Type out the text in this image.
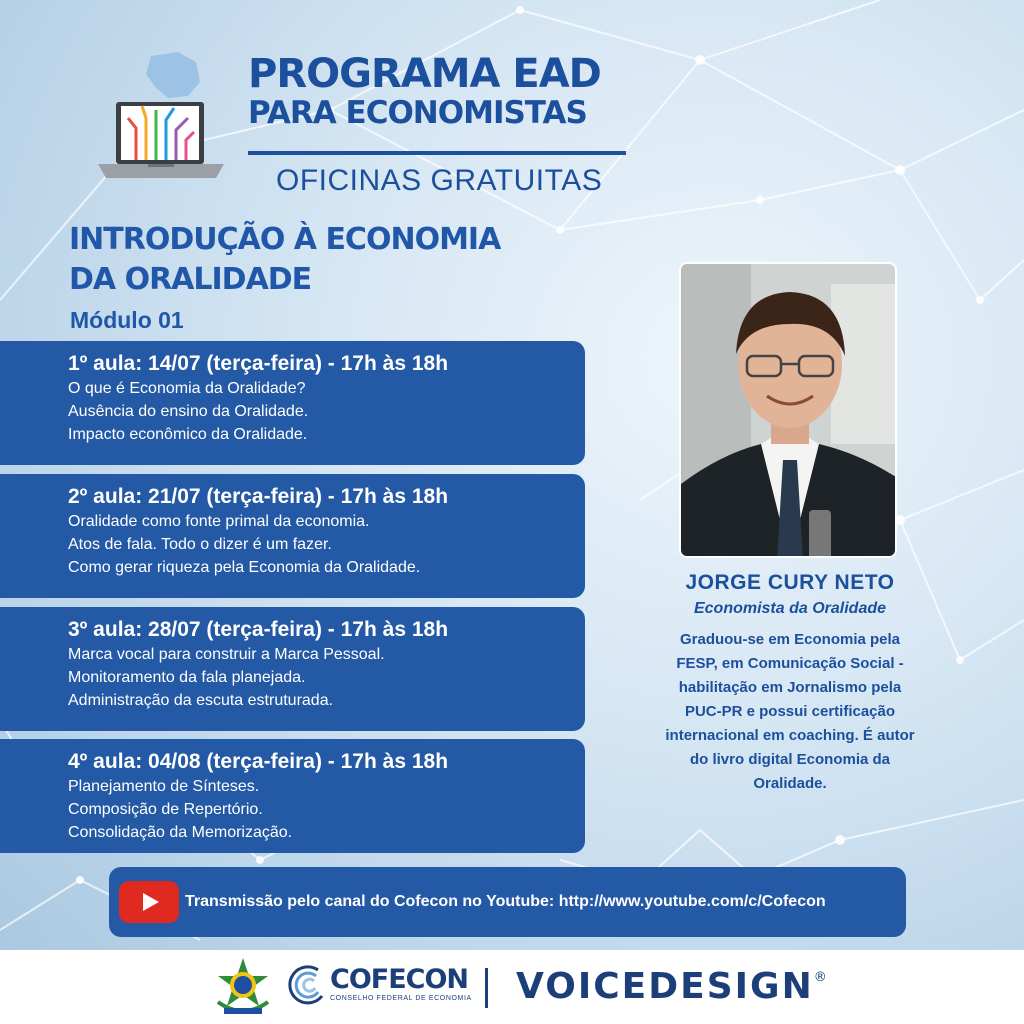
PROGRAMA EAD
PARA ECONOMISTAS
OFICINAS GRATUITAS
INTRODUÇÃO À ECONOMIA
DA ORALIDADE
Módulo 01
1º aula: 14/07 (terça-feira) - 17h às 18h
O que é Economia da Oralidade?
Ausência do ensino da Oralidade.
Impacto econômico da Oralidade.
2º aula: 21/07 (terça-feira) - 17h às 18h
Oralidade como fonte primal da economia.
Atos de fala. Todo o dizer é um fazer.
Como gerar riqueza pela Economia da Oralidade.
3º aula: 28/07 (terça-feira) - 17h às 18h
Marca vocal para construir a Marca Pessoal.
Monitoramento da fala planejada.
Administração da escuta estruturada.
4º aula: 04/08 (terça-feira) - 17h às 18h
Planejamento de Sínteses.
Composição de Repertório.
Consolidação da Memorização.
JORGE CURY NETO
Economista da Oralidade
Graduou-se em Economia pela
FESP, em Comunicação Social -
habilitação em Jornalismo pela
PUC-PR e possui certificação
internacional em coaching. É autor
do livro digital Economia da
Oralidade.
Transmissão pelo canal do Cofecon no Youtube: http://www.youtube.com/c/Cofecon
COFECON
CONSELHO FEDERAL DE ECONOMIA VOICEDESIGN®
